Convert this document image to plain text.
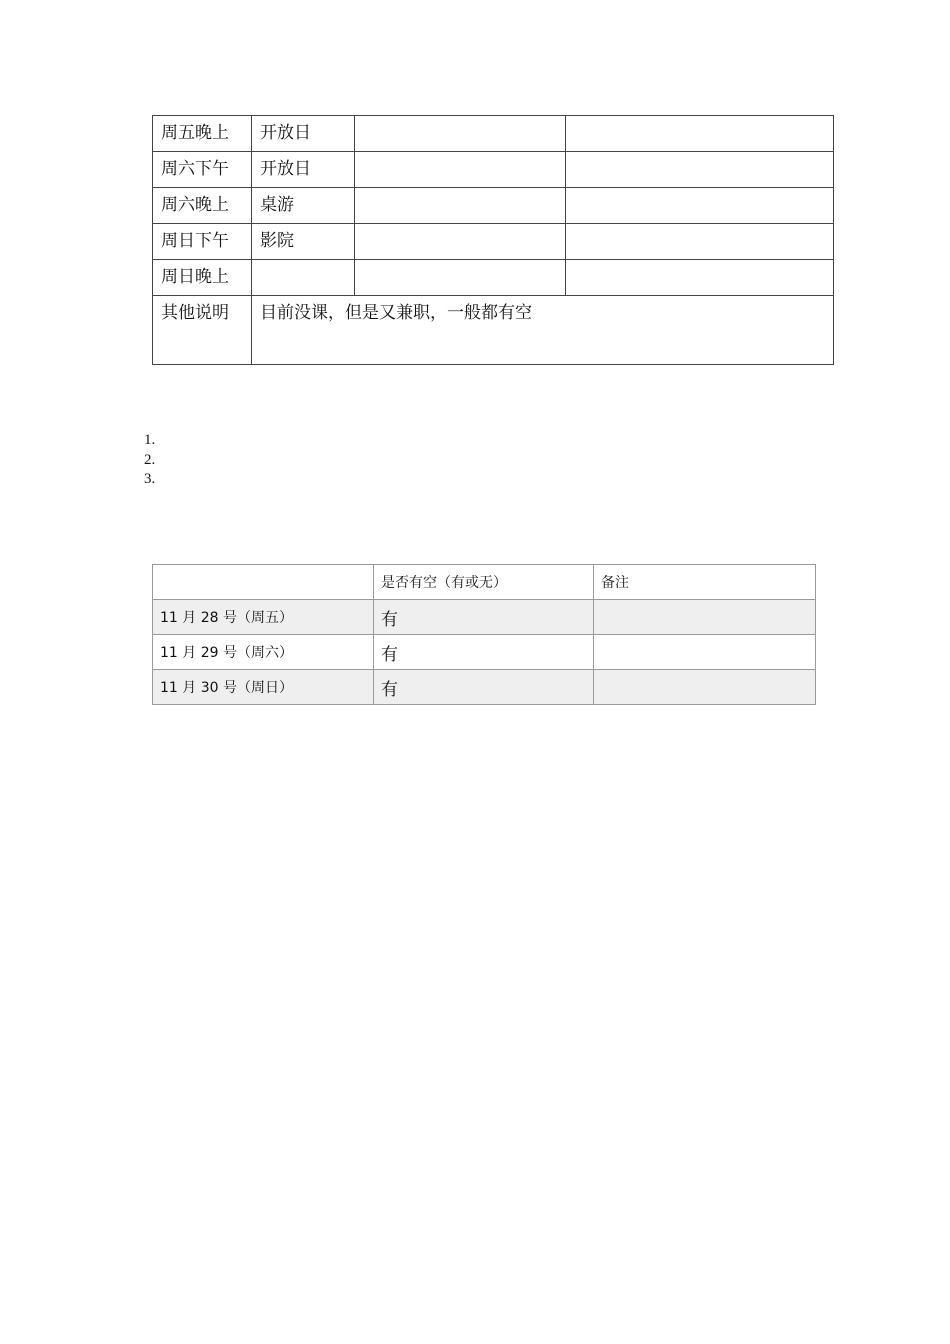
周五晚上	开放日		
周六下午	开放日		
周六晚上	桌游		
周日下午	影院		
周日晚上			
其他说明	目前没课，但是又兼职，一般都有空		
1.
2.
3.
	是否有空（有或无）	备注
11 月 28 号（周五）	有	
11 月 29 号（周六）	有	
11 月 30 号（周日）	有	
